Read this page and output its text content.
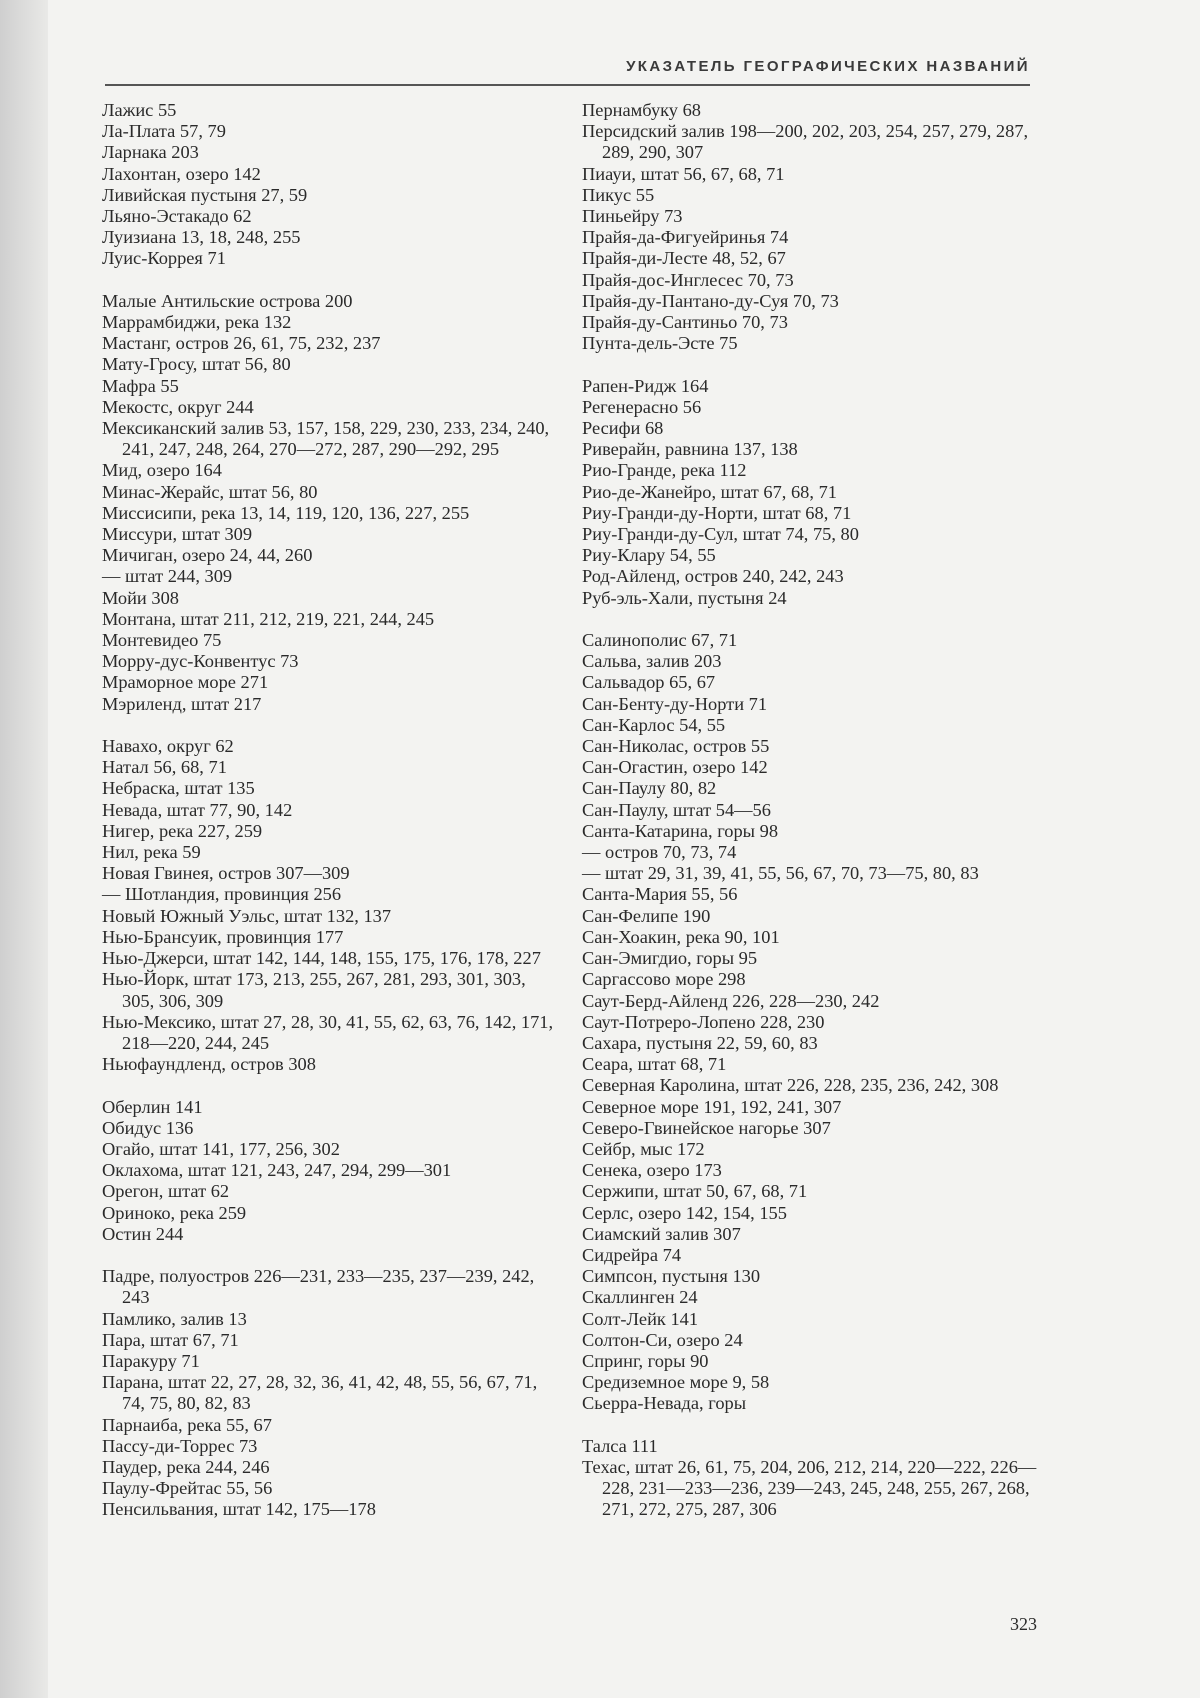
УКАЗАТЕЛЬ ГЕОГРАФИЧЕСКИХ НАЗВАНИЙ

Лажис 55

Ла-Плата 57, 79

Ларнака 203

Лахонтан, озеро 142

Ливийская пустыня 27, 59

Льяно-Эстакадо 62

Луизиана 13, 18, 248, 255

Луис-Коррея 71

Малые Антильские острова 200

Маррамбиджи, река 132

Мастанг, остров 26, 61, 75, 232, 237

Мату-Гросу, штат 56, 80

Мафра 55

Мекостс, округ 244

Мексиканский залив 53, 157, 158, 229, 230, 233, 234, 240, 241, 247, 248, 264, 270—272, 287, 290—292, 295

Мид, озеро 164

Минас-Жерайс, штат 56, 80

Миссисипи, река 13, 14, 119, 120, 136, 227, 255

Миссури, штат 309

Мичиган, озеро 24, 44, 260

— штат 244, 309

Мойи 308

Монтана, штат 211, 212, 219, 221, 244, 245

Монтевидео 75

Морру-дус-Конвентус 73

Мраморное море 271

Мэриленд, штат 217

Навахо, округ 62

Натал 56, 68, 71

Небраска, штат 135

Невада, штат 77, 90, 142

Нигер, река 227, 259

Нил, река 59

Новая Гвинея, остров 307—309

— Шотландия, провинция 256

Новый Южный Уэльс, штат 132, 137

Нью-Брансуик, провинция 177

Нью-Джерси, штат 142, 144, 148, 155, 175, 176, 178, 227

Нью-Йорк, штат 173, 213, 255, 267, 281, 293, 301, 303, 305, 306, 309

Нью-Мексико, штат 27, 28, 30, 41, 55, 62, 63, 76, 142, 171, 218—220, 244, 245

Ньюфаундленд, остров 308

Оберлин 141

Обидус 136

Огайо, штат 141, 177, 256, 302

Оклахома, штат 121, 243, 247, 294, 299—301

Орегон, штат 62

Ориноко, река 259

Остин 244

Падре, полуостров 226—231, 233—235, 237—239, 242, 243

Памлико, залив 13

Пара, штат 67, 71

Паракуру 71

Парана, штат 22, 27, 28, 32, 36, 41, 42, 48, 55, 56, 67, 71, 74, 75, 80, 82, 83

Парнаиба, река 55, 67

Пассу-ди-Торрес 73

Паудер, река 244, 246

Паулу-Фрейтас 55, 56

Пенсильвания, штат 142, 175—178

Пернамбуку 68

Персидский залив 198—200, 202, 203, 254, 257, 279, 287, 289, 290, 307

Пиауи, штат 56, 67, 68, 71

Пикус 55

Пиньейру 73

Прайя-да-Фигуейринья 74

Прайя-ди-Лесте 48, 52, 67

Прайя-дос-Инглесес 70, 73

Прайя-ду-Пантано-ду-Суя 70, 73

Прайя-ду-Сантиньо 70, 73

Пунта-дель-Эсте 75

Рапен-Ридж 164

Регенерасно 56

Ресифи 68

Риверайн, равнина 137, 138

Рио-Гранде, река 112

Рио-де-Жанейро, штат 67, 68, 71

Риу-Гранди-ду-Норти, штат 68, 71

Риу-Гранди-ду-Сул, штат 74, 75, 80

Риу-Клару 54, 55

Род-Айленд, остров 240, 242, 243

Руб-эль-Хали, пустыня 24

Салинополис 67, 71

Сальва, залив 203

Сальвадор 65, 67

Сан-Бенту-ду-Норти 71

Сан-Карлос 54, 55

Сан-Николас, остров 55

Сан-Огастин, озеро 142

Сан-Паулу 80, 82

Сан-Паулу, штат 54—56

Санта-Катарина, горы 98

— остров 70, 73, 74

— штат 29, 31, 39, 41, 55, 56, 67, 70, 73—75, 80, 83

Санта-Мария 55, 56

Сан-Фелипе 190

Сан-Хоакин, река 90, 101

Сан-Эмигдио, горы 95

Саргассово море 298

Саут-Берд-Айленд 226, 228—230, 242

Саут-Потреро-Лопено 228, 230

Сахара, пустыня 22, 59, 60, 83

Сеара, штат 68, 71

Северная Каролина, штат 226, 228, 235, 236, 242, 308

Северное море 191, 192, 241, 307

Северо-Гвинейское нагорье 307

Сейбр, мыс 172

Сенека, озеро 173

Сержипи, штат 50, 67, 68, 71

Серлс, озеро 142, 154, 155

Сиамский залив 307

Сидрейра 74

Симпсон, пустыня 130

Скаллинген 24

Солт-Лейк 141

Солтон-Си, озеро 24

Спринг, горы 90

Средиземное море 9, 58

Сьерра-Невада, горы

Талса 111

Техас, штат 26, 61, 75, 204, 206, 212, 214, 220—222, 226—228, 231—233—236, 239—243, 245, 248, 255, 267, 268, 271, 272, 275, 287, 306

323
